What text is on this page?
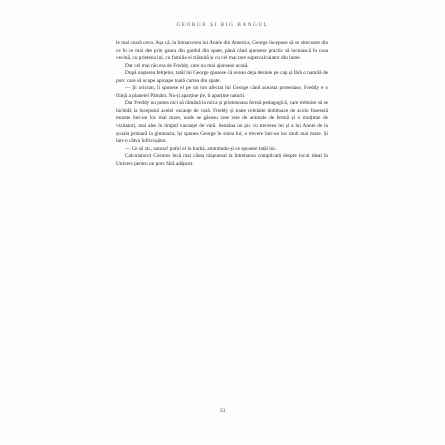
GEORGE ȘI BIG BANGUL

le mai ceară ceva. Așa că, la întoarcerea lui Annie din America, George începuse să se strecoare din ce în ce mai des prin gaura din gardul din spate, până când ajunsese practic să locuiască în casa vecină, cu prietena lui, cu familia ei trăsnită și cu cel mai tare supercalculator din lume.

Dar cel mai rău era de Freddy, care nu mai ajunsese acasă.

După nașterea fetițelor, tatăl lui George spusese că aveau deja destule pe cap și fără o namilă de porc care să ocupe aproape toată curtea din spate.

— Și oricum, îi spusese el pe un ton afectat lui George când aceasta protestase, Freddy e o ființă a planetei Pământ. Nu-ți aparține ție, îi aparține naturii.

Dar Freddy nu putea nici să rămână la mica și prietenoasa fermă pedagogică, care trebuise să se închidă la începutul acelei vacanțe de vară. Freddy și toate celelalte dobitoace de acolo fuseseră mutate într-un loc mai mare, unde se găseau rase rare de animale de fermă și o mulțime de vizitatori, mai ales în timpul vacanței de vară. Semăna un pic cu trecerea lui și a lui Annie de la școala primară la gimnaziu, își spunea George în sinea lui; o trecere într-un loc mult mai mare. Și într-o câtva înfricoșător.

— Ce să zic, natura! pufni el în barbă, amintindu-și ce spusese tatăl lui.

Calculatorul Cosmos încă mai căuta răspunsul la întrebarea complicată despre locul ideal în Univers pentru un porc fără adăpost.

33
